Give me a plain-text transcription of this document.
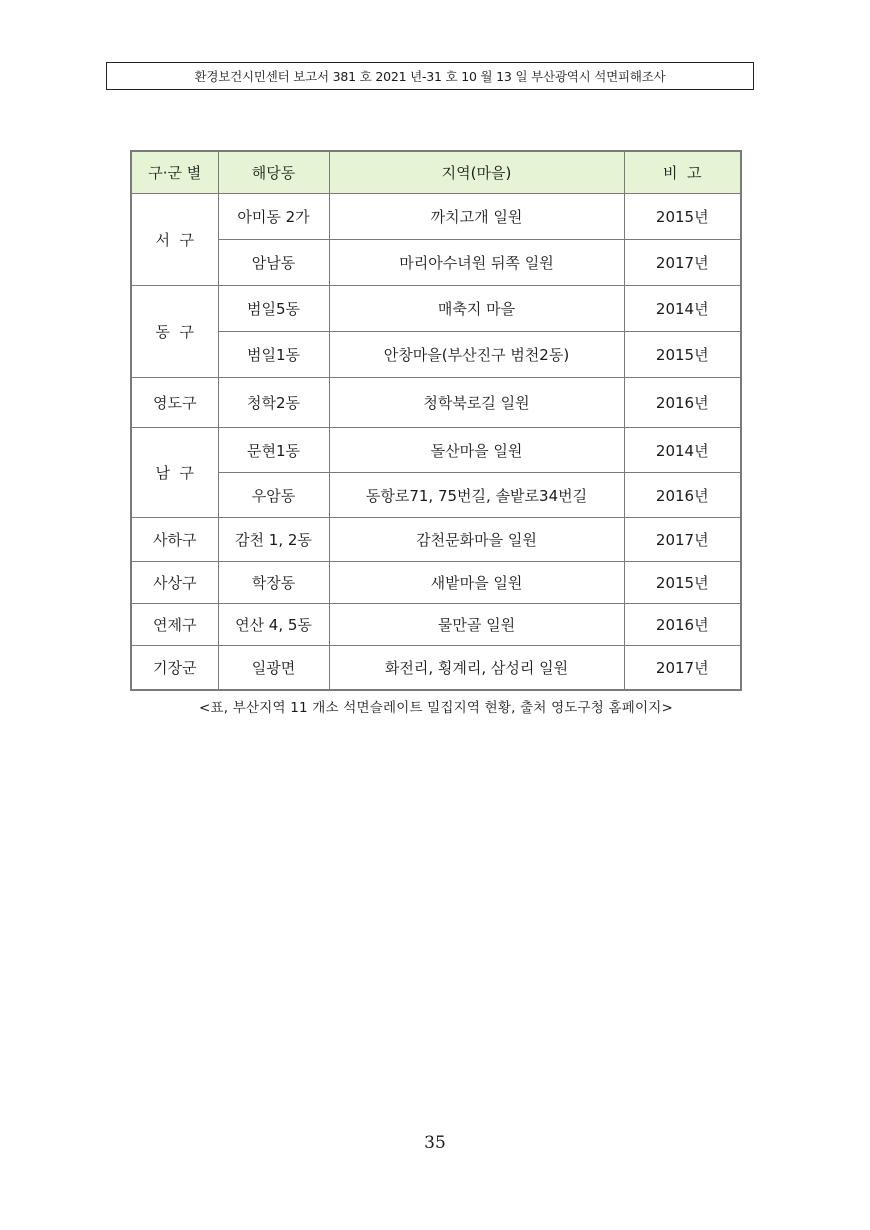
환경보건시민센터 보고서 381 호 2021 년-31 호 10 월 13 일 부산광역시 석면피해조사
구·군 별	해당동	지역(마을)	비  고
서  구	아미동 2가	까치고개 일원	2015년
	암남동	마리아수녀원 뒤쪽 일원	2017년
동  구	범일5동	매축지 마을	2014년
	범일1동	안창마을(부산진구 범천2동)	2015년
영도구	청학2동	청학북로길 일원	2016년
남  구	문현1동	돌산마을 일원	2014년
	우암동	동항로71, 75번길, 솔밭로34번길	2016년
사하구	감천 1, 2동	감천문화마을 일원	2017년
사상구	학장동	새밭마을 일원	2015년
연제구	연산 4, 5동	물만골 일원	2016년
기장군	일광면	화전리, 횡계리, 삼성리 일원	2017년
<표, 부산지역 11 개소 석면슬레이트 밀집지역 현황, 출처 영도구청 홈페이지>
35
